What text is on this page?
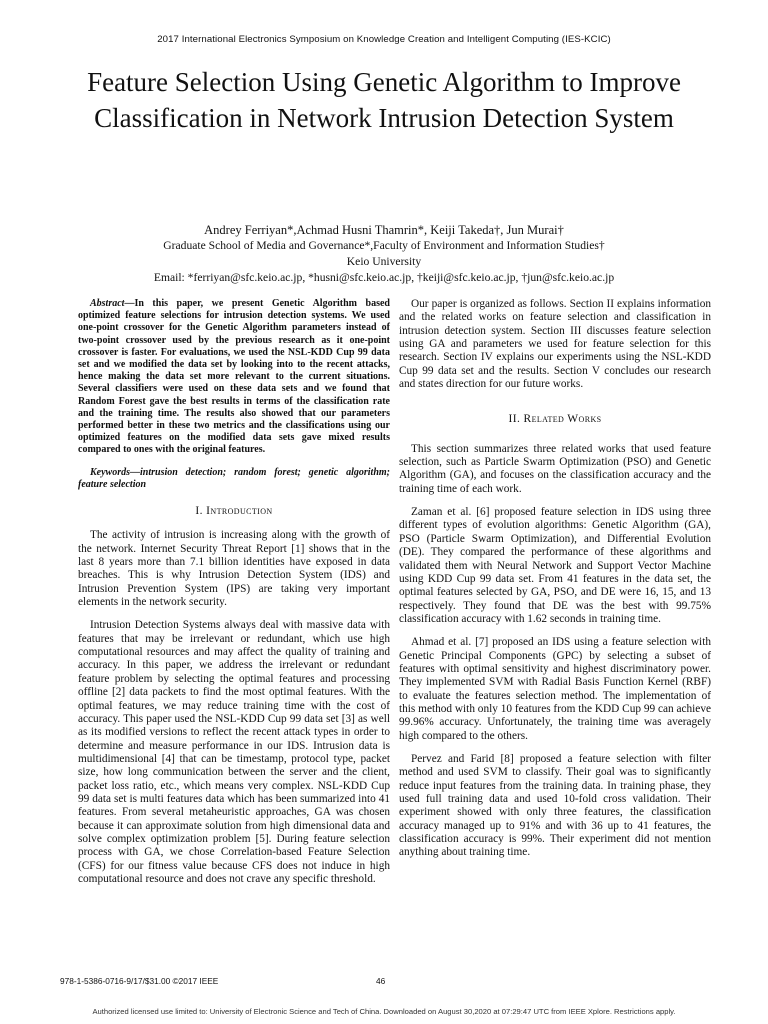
2017 International Electronics Symposium on Knowledge Creation and Intelligent Computing (IES-KCIC)
Feature Selection Using Genetic Algorithm to Improve Classification in Network Intrusion Detection System
Andrey Ferriyan*,Achmad Husni Thamrin*, Keiji Takeda†, Jun Murai†
Graduate School of Media and Governance*,Faculty of Environment and Information Studies†
Keio University
Email: *ferriyan@sfc.keio.ac.jp, *husni@sfc.keio.ac.jp, †keiji@sfc.keio.ac.jp, †jun@sfc.keio.ac.jp

Abstract—In this paper, we present Genetic Algorithm based optimized feature selections for intrusion detection systems. We used one-point crossover for the Genetic Algorithm parameters instead of two-point crossover used by the previous research as it one-point crossover is faster. For evaluations, we used the NSL-KDD Cup 99 data set and we modified the data set by looking into to the recent attacks, hence making the data set more relevant to the current situations. Several classifiers were used on these data sets and we found that Random Forest gave the best results in terms of the classification rate and the training time. The results also showed that our parameters performed better in these two metrics and the classifications using our optimized features on the modified data sets gave mixed results compared to ones with the original features.

Keywords—intrusion detection; random forest; genetic algorithm; feature selection

I. Introduction

The activity of intrusion is increasing along with the growth of the network. Internet Security Threat Report [1] shows that in the last 8 years more than 7.1 billion identities have exposed in data breaches. This is why Intrusion Detection System (IDS) and Intrusion Prevention System (IPS) are taking very important elements in the network security.

Intrusion Detection Systems always deal with massive data with features that may be irrelevant or redundant, which use high computational resources and may affect the quality of training and accuracy. In this paper, we address the irrelevant or redundant feature problem by selecting the optimal features and processing offline [2] data packets to find the most optimal features. With the optimal features, we may reduce training time with the cost of accuracy. This paper used the NSL-KDD Cup 99 data set [3] as well as its modified versions to reflect the recent attack types in order to determine and measure performance in our IDS. Intrusion data is multidimensional [4] that can be timestamp, protocol type, packet size, how long communication between the server and the client, packet loss ratio, etc., which means very complex. NSL-KDD Cup 99 data set is multi features data which has been summarized into 41 features. From several metaheuristic approaches, GA was chosen because it can approximate solution from high dimensional data and solve complex optimization problem [5]. During feature selection process with GA, we chose Correlation-based Feature Selection (CFS) for our fitness value because CFS does not induce in high computational resource and does not crave any specific threshold.

Our paper is organized as follows. Section II explains information and the related works on feature selection and classification in intrusion detection system. Section III discusses feature selection using GA and parameters we used for feature selection for this research. Section IV explains our experiments using the NSL-KDD Cup 99 data set and the results. Section V concludes our research and states direction for our future works.

II. Related Works

This section summarizes three related works that used feature selection, such as Particle Swarm Optimization (PSO) and Genetic Algorithm (GA), and focuses on the classification accuracy and the training time of each work.

Zaman et al. [6] proposed feature selection in IDS using three different types of evolution algorithms: Genetic Algorithm (GA), PSO (Particle Swarm Optimization), and Differential Evolution (DE). They compared the performance of these algorithms and validated them with Neural Network and Support Vector Machine using KDD Cup 99 data set. From 41 features in the data set, the optimal features selected by GA, PSO, and DE were 16, 15, and 13 respectively. They found that DE was the best with 99.75% classification accuracy with 1.62 seconds in training time.

Ahmad et al. [7] proposed an IDS using a feature selection with Genetic Principal Components (GPC) by selecting a subset of features with optimal sensitivity and highest discriminatory power. They implemented SVM with Radial Basis Function Kernel (RBF) to evaluate the features selection method. The implementation of this method with only 10 features from the KDD Cup 99 can achieve 99.96% accuracy. Unfortunately, the training time was averagely high compared to the others.

Pervez and Farid [8] proposed a feature selection with filter method and used SVM to classify. Their goal was to significantly reduce input features from the training data. In training phase, they used full training data and used 10-fold cross validation. Their experiment showed with only three features, the classification accuracy managed up to 91% and with 36 up to 41 features, the classification accuracy is 99%. Their experiment did not mention anything about training time.

978-1-5386-0716-9/17/$31.00 ©2017 IEEE	46
Authorized licensed use limited to: University of Electronic Science and Tech of China. Downloaded on August 30,2020 at 07:29:47 UTC from IEEE Xplore. Restrictions apply.
